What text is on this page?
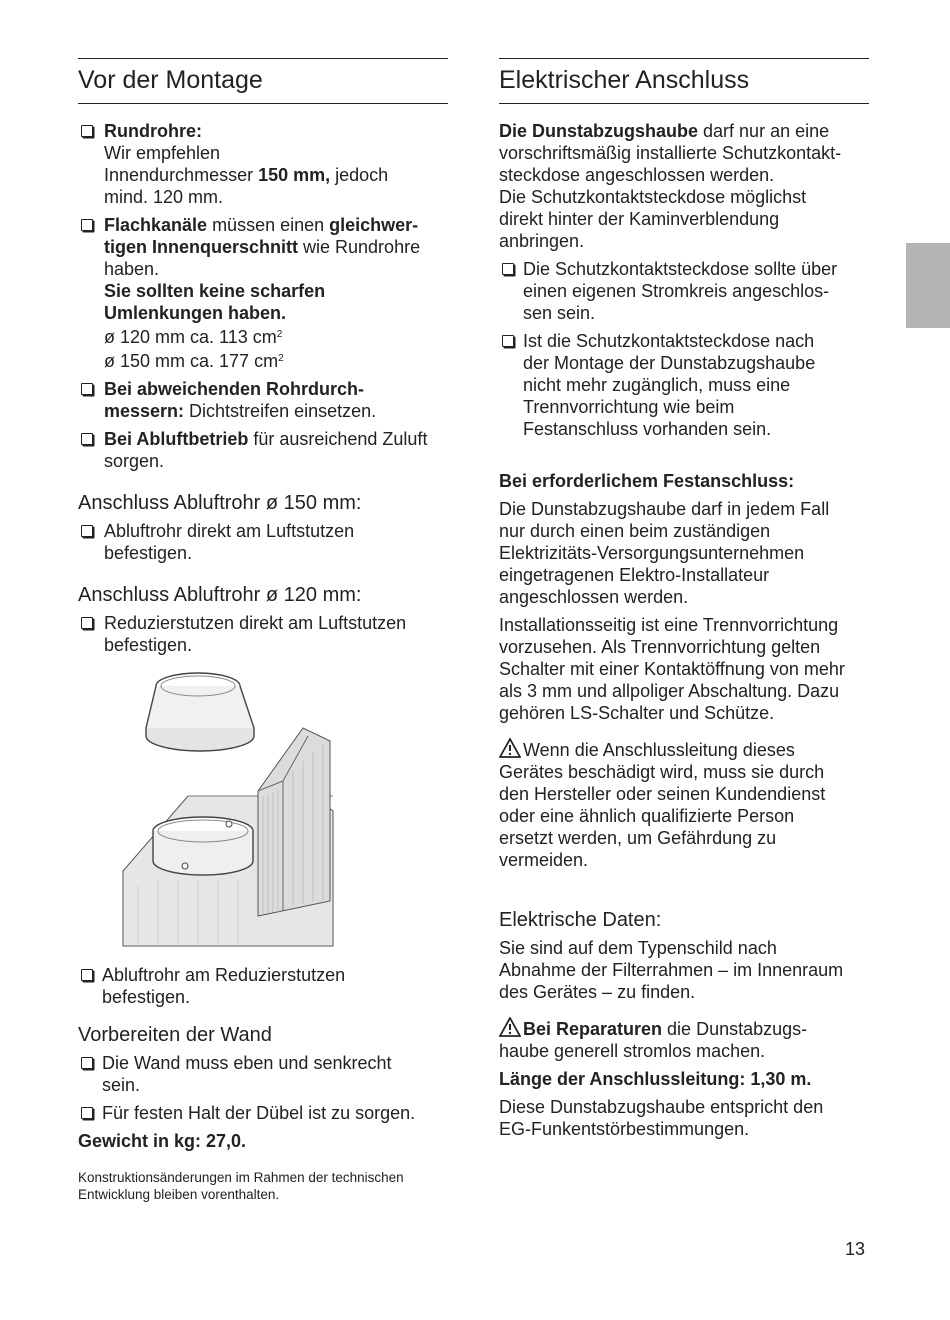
Vor der Montage
Rundrohre:
Wir empfehlen
Innendurchmesser 150 mm, jedoch
mind. 120 mm.
Flachkanäle müssen einen gleichwer-
tigen Innenquerschnitt wie Rundrohre
haben.
Sie sollten keine scharfen
Umlenkungen haben.
ø 120 mm ca. 113 $cm^2$
ø 150 mm ca. 177 $cm^2$
Bei abweichenden Rohrdurch-
messern: Dichtstreifen einsetzen.
Bei Abluftbetrieb für ausreichend Zuluft
sorgen.
Anschluss Abluftrohr ø 150 mm:
Abluftrohr direkt am Luftstutzen
befestigen.
Anschluss Abluftrohr ø 120 mm:
Reduzierstutzen direkt am Luftstutzen
befestigen.
Abluftrohr am Reduzierstutzen
befestigen.
Vorbereiten der Wand
Die Wand muss eben und senkrecht
sein.
Für festen Halt der Dübel ist zu sorgen.

Gewicht in kg: 27,0.

Konstruktionsänderungen im Rahmen der technischen
Entwicklung bleiben vorenthalten.
Elektrischer Anschluss

Die Dunstabzugshaube darf nur an eine
vorschriftsmäßig installierte Schutzkontakt-
steckdose angeschlossen werden.
Die Schutzkontaktsteckdose möglichst
direkt hinter der Kaminverblendung
anbringen.

Die Schutzkontaktsteckdose sollte über
einen eigenen Stromkreis angeschlos-
sen sein.
Ist die Schutzkontaktsteckdose nach
der Montage der Dunstabzugshaube
nicht mehr zugänglich, muss eine
Trennvorrichtung wie beim
Festanschluss vorhanden sein.

Bei erforderlichem Festanschluss:

Die Dunstabzugshaube darf in jedem Fall
nur durch einen beim zuständigen
Elektrizitäts-Versorgungsunternehmen
eingetragenen Elektro-Installateur
angeschlossen werden.

Installationsseitig ist eine Trennvorrichtung
vorzusehen. Als Trennvorrichtung gelten
Schalter mit einer Kontaktöffnung von mehr
als 3 mm und allpoliger Abschaltung. Dazu
gehören LS-Schalter und Schütze.

Wenn die Anschlussleitung dieses
Gerätes beschädigt wird, muss sie durch
den Hersteller oder seinen Kundendienst
oder eine ähnlich qualifizierte Person
ersetzt werden, um Gefährdung zu
vermeiden.

Elektrische Daten:

Sie sind auf dem Typenschild nach
Abnahme der Filterrahmen – im Innenraum
des Gerätes – zu finden.

Bei Reparaturen die Dunstabzugs-
haube generell stromlos machen.

Länge der Anschlussleitung: 1,30 m.

Diese Dunstabzugshaube entspricht den
EG-Funkentstörbestimmungen.

13
